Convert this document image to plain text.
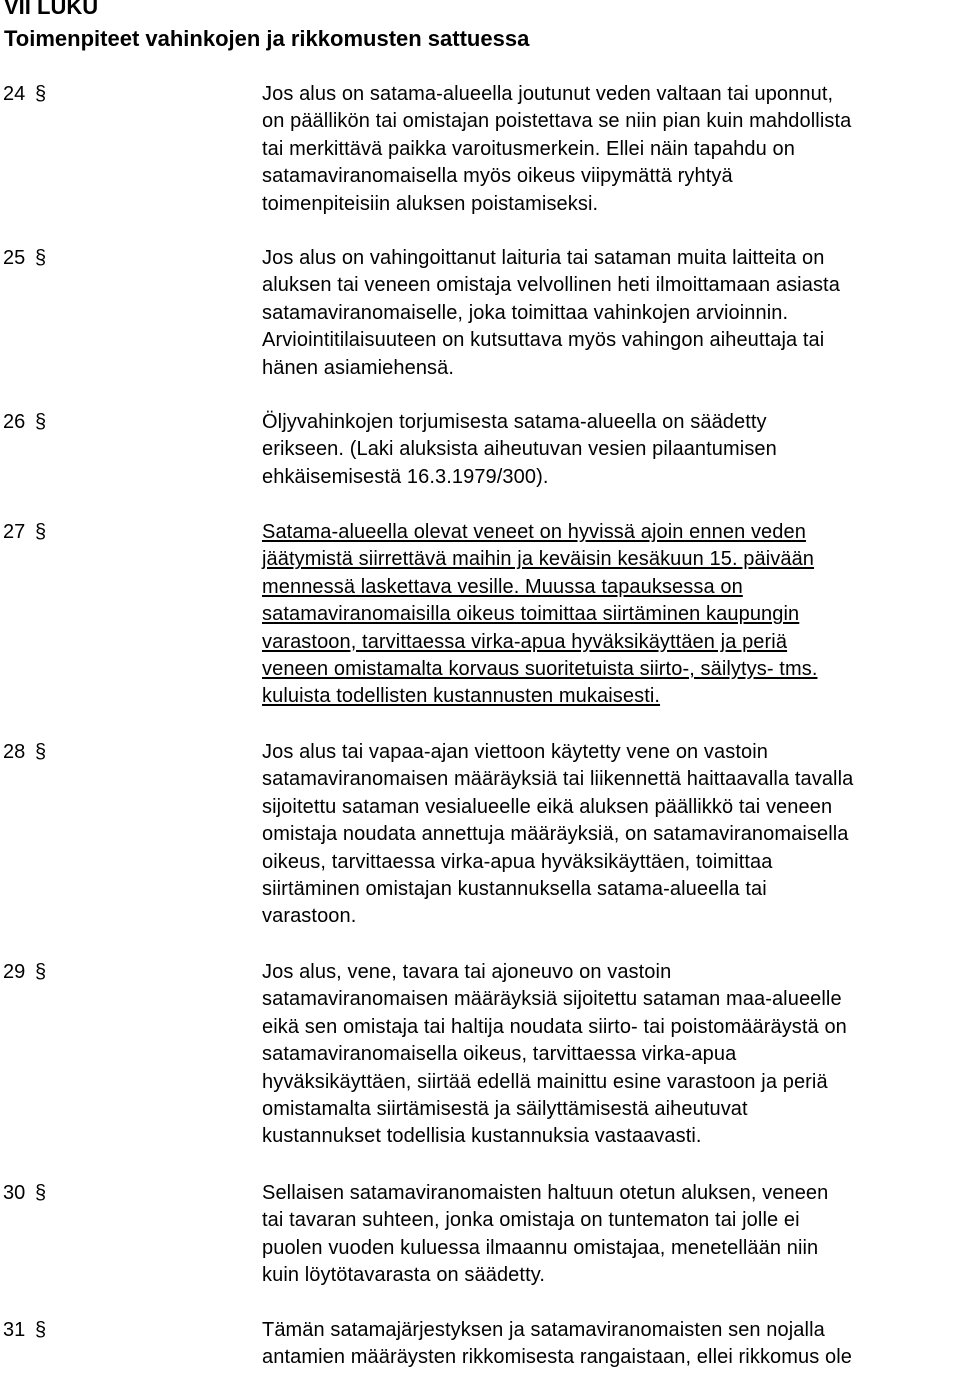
VII LUKU
Toimenpiteet vahinkojen ja rikkomusten sattuessa
24 §	Jos alus on satama-alueella joutunut veden valtaan tai uponnut,
on päällikön tai omistajan poistettava se niin pian kuin mahdollista
tai merkittävä paikka varoitusmerkein. Ellei näin tapahdu on
satamaviranomaisella myös oikeus viipymättä ryhtyä
toimenpiteisiin aluksen poistamiseksi.
25 §	Jos alus on vahingoittanut laituria tai sataman muita laitteita on
aluksen tai veneen omistaja velvollinen heti ilmoittamaan asiasta
satamaviranomaiselle, joka toimittaa vahinkojen arvioinnin.
Arviointitilaisuuteen on kutsuttava myös vahingon aiheuttaja tai
hänen asiamiehensä.
26 §	Öljyvahinkojen torjumisesta satama-alueella on säädetty
erikseen. (Laki aluksista aiheutuvan vesien pilaantumisen
ehkäisemisestä 16.3.1979/300).
27 §	Satama-alueella olevat veneet on hyvissä ajoin ennen veden
jäätymistä siirrettävä maihin ja keväisin kesäkuun 15. päivään
mennessä laskettava vesille. Muussa tapauksessa on
satamaviranomaisilla oikeus toimittaa siirtäminen kaupungin
varastoon, tarvittaessa virka-apua hyväksikäyttäen ja periä
veneen omistamalta korvaus suoritetuista siirto-, säilytys- tms.
kuluista todellisten kustannusten mukaisesti.
28 §	Jos alus tai vapaa-ajan viettoon käytetty vene on vastoin
satamaviranomaisen määräyksiä tai liikennettä haittaavalla tavalla
sijoitettu sataman vesialueelle eikä aluksen päällikkö tai veneen
omistaja noudata annettuja määräyksiä, on satamaviranomaisella
oikeus, tarvittaessa virka-apua hyväksikäyttäen, toimittaa
siirtäminen omistajan kustannuksella satama-alueella tai
varastoon.
29 §	Jos alus, vene, tavara tai ajoneuvo on vastoin
satamaviranomaisen määräyksiä sijoitettu sataman maa-alueelle
eikä sen omistaja tai haltija noudata siirto- tai poistomääräystä on
satamaviranomaisella oikeus, tarvittaessa virka-apua
hyväksikäyttäen, siirtää edellä mainittu esine varastoon ja periä
omistamalta siirtämisestä ja säilyttämisestä aiheutuvat
kustannukset todellisia kustannuksia vastaavasti.
30 §	Sellaisen satamaviranomaisten haltuun otetun aluksen, veneen
tai tavaran suhteen, jonka omistaja on tuntematon tai jolle ei
puolen vuoden kuluessa ilmaannu omistajaa, menetellään niin
kuin löytötavarasta on säädetty.
31 §	Tämän satamajärjestyksen ja satamaviranomaisten sen nojalla
antamien määräysten rikkomisesta rangaistaan, ellei rikkomus ole
